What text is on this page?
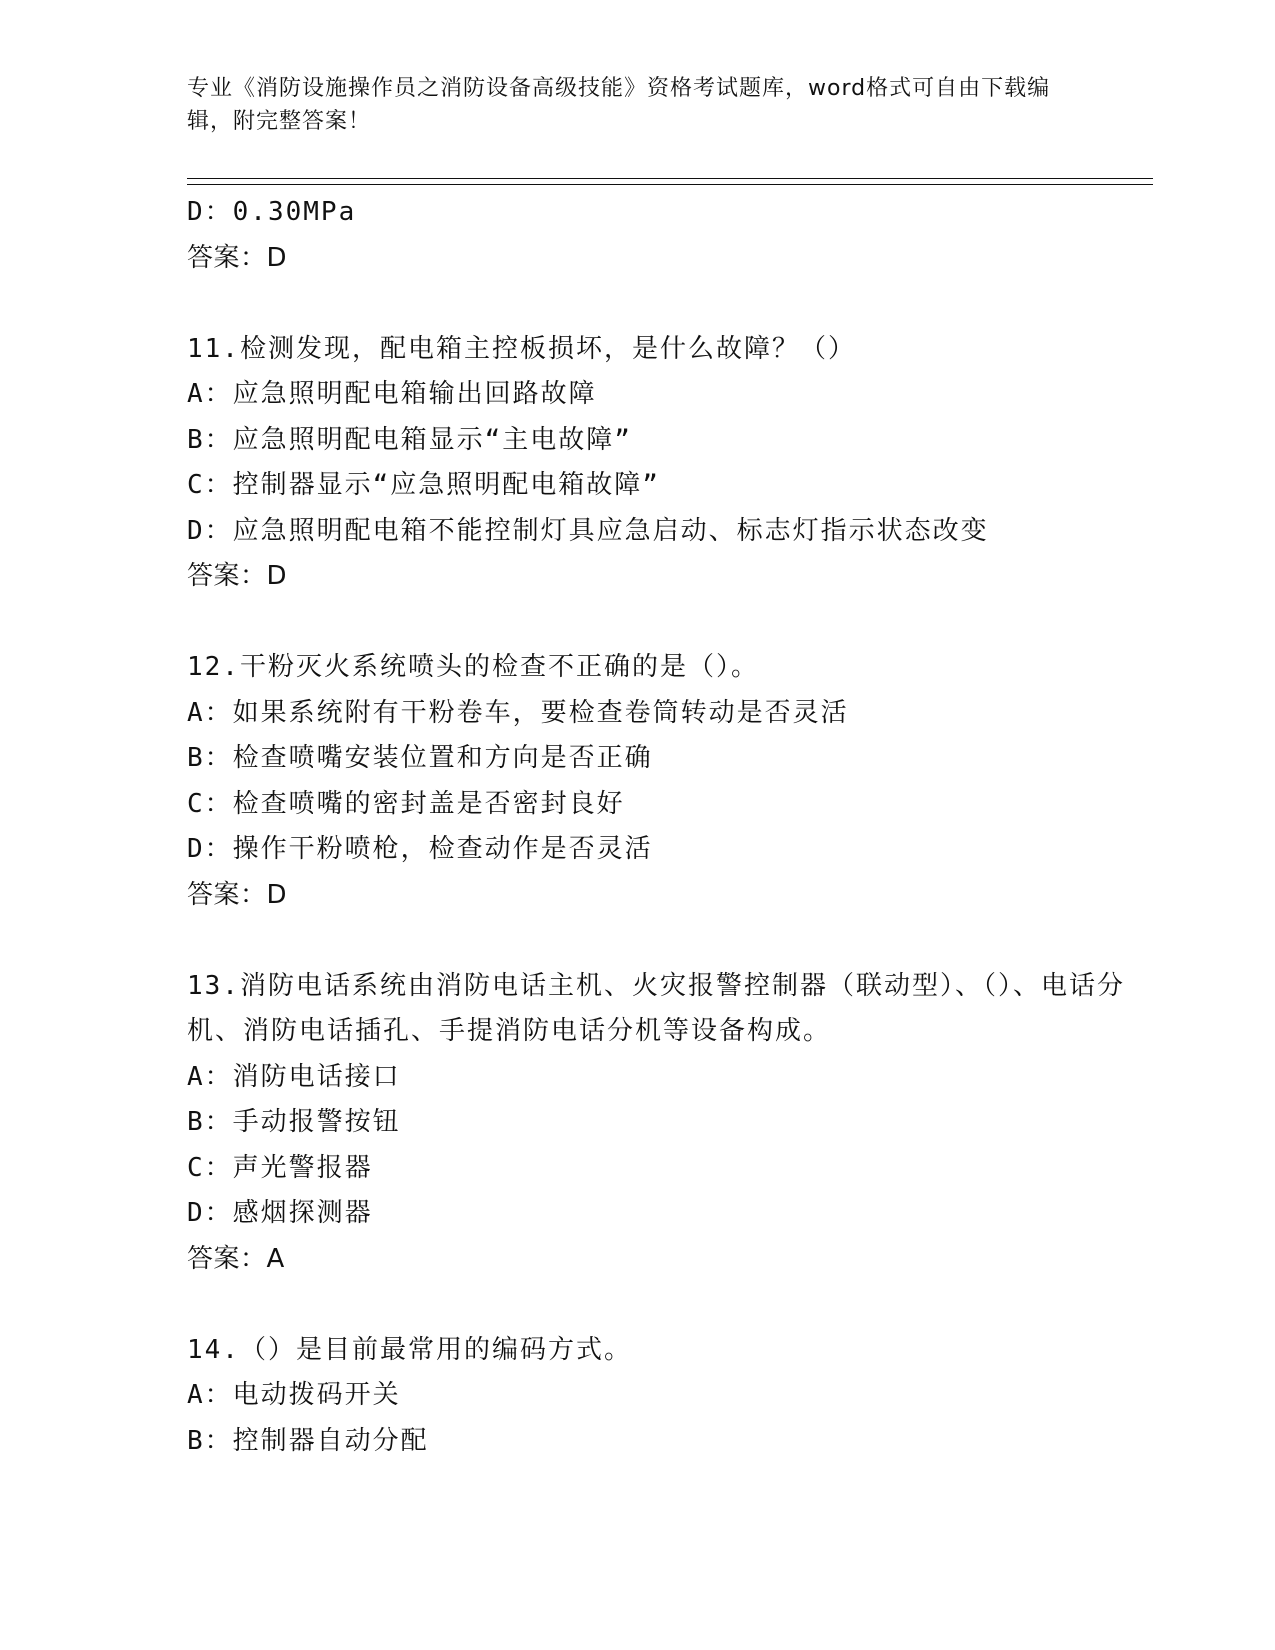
专业《消防设施操作员之消防设备高级技能》资格考试题库，word格式可自由下载编辑，附完整答案！
D：0.30MPa
答案：D
11.检测发现，配电箱主控板损坏，是什么故障？（）
A：应急照明配电箱输出回路故障
B：应急照明配电箱显示“主电故障”
C：控制器显示“应急照明配电箱故障”
D：应急照明配电箱不能控制灯具应急启动、标志灯指示状态改变
答案：D
12.干粉灭火系统喷头的检查不正确的是（）。
A：如果系统附有干粉卷车，要检查卷筒转动是否灵活
B：检查喷嘴安装位置和方向是否正确
C：检查喷嘴的密封盖是否密封良好
D：操作干粉喷枪，检查动作是否灵活
答案：D
13.消防电话系统由消防电话主机、火灾报警控制器（联动型）、（）、电话分机、消防电话插孔、手提消防电话分机等设备构成。
A：消防电话接口
B：手动报警按钮
C：声光警报器
D：感烟探测器
答案：A
14.（）是目前最常用的编码方式。
A：电动拨码开关
B：控制器自动分配
